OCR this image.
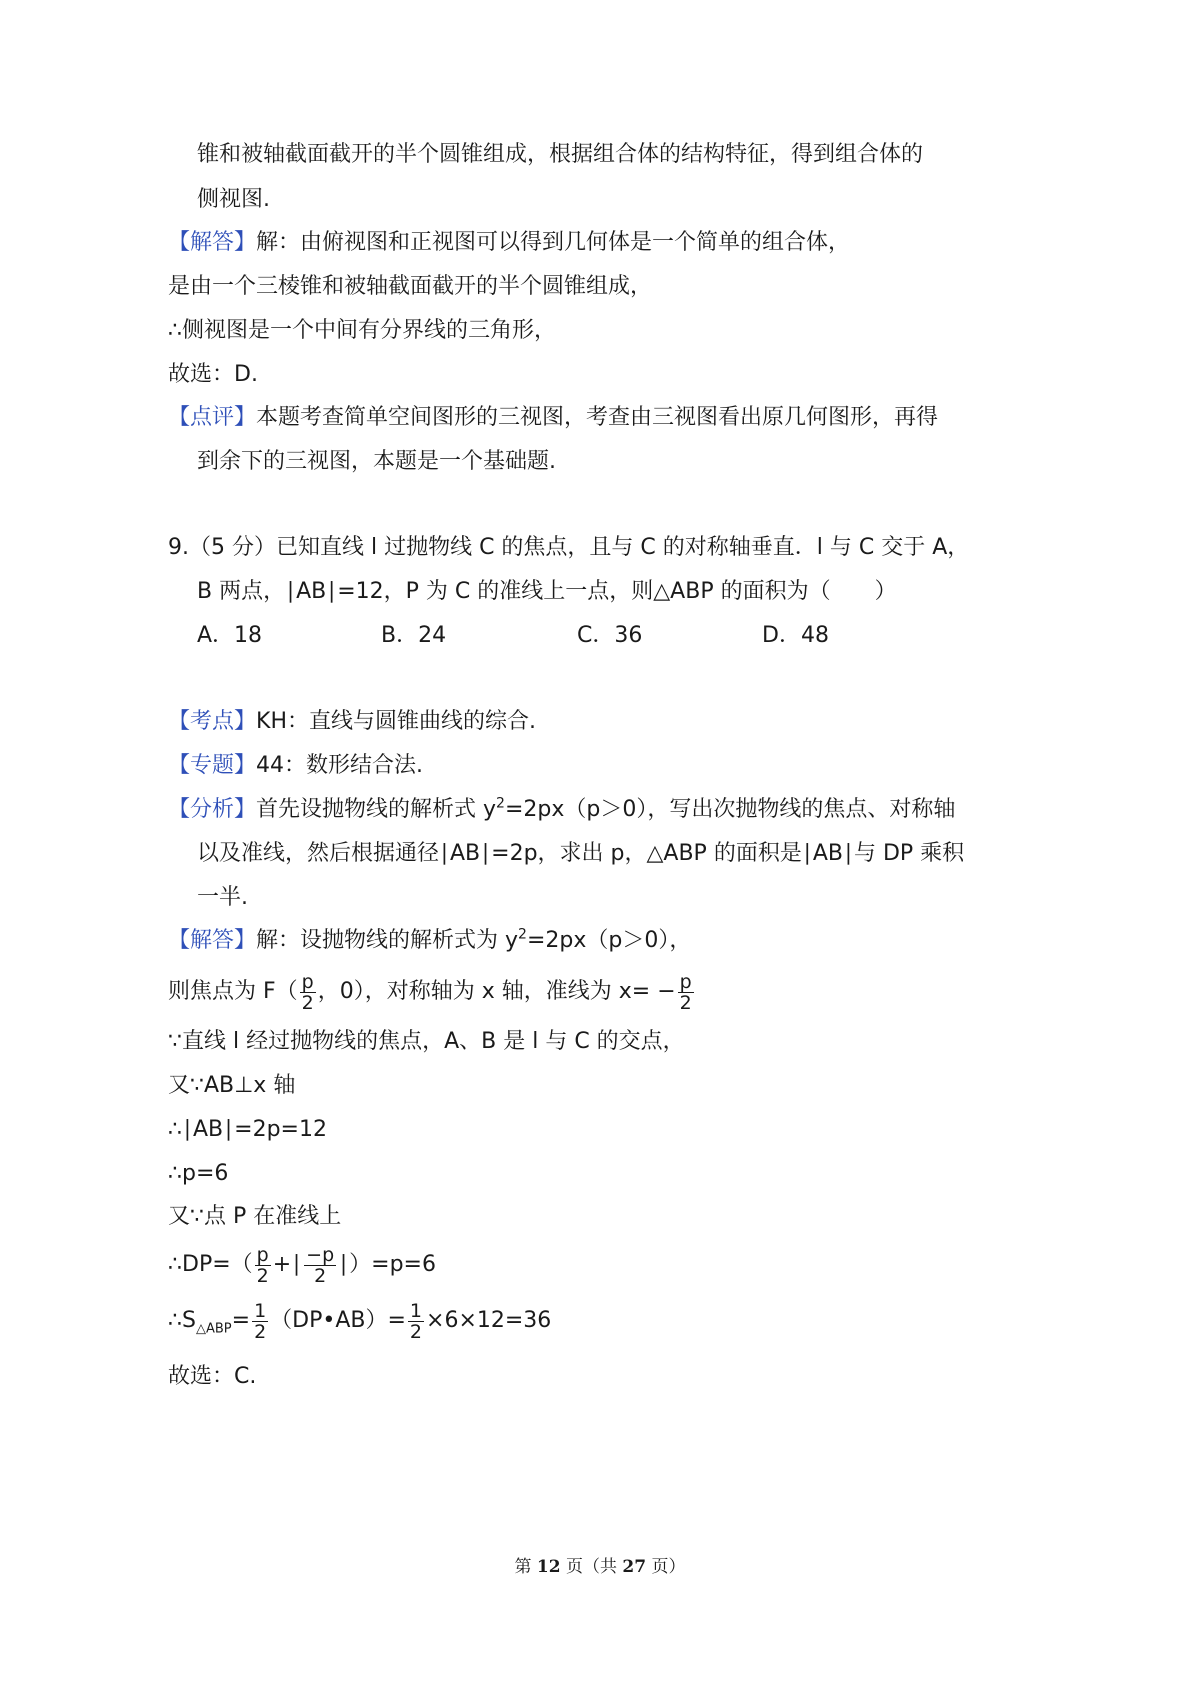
锥和被轴截面截开的半个圆锥组成，根据组合体的结构特征，得到组合体的
侧视图.
【解答】解：由俯视图和正视图可以得到几何体是一个简单的组合体，
是由一个三棱锥和被轴截面截开的半个圆锥组成，
∴侧视图是一个中间有分界线的三角形，
故选：D.
【点评】本题考查简单空间图形的三视图，考查由三视图看出原几何图形，再得
到余下的三视图，本题是一个基础题.
9.（5 分）已知直线 l 过抛物线 C 的焦点，且与 C 的对称轴垂直．l 与 C 交于 A，
B 两点，∣AB∣=12，P 为 C 的准线上一点，则△ABP 的面积为（　　）
A．18	B．24	C．36	D．48
【考点】KH：直线与圆锥曲线的综合.
【专题】44：数形结合法.
【分析】首先设抛物线的解析式 $y^2=2px(p>0)$，写出次抛物线的焦点、对称轴
以及准线，然后根据通径∣AB∣=2p，求出 p，△ABP 的面积是∣AB∣与 DP 乘积
一半.
【解答】解：设抛物线的解析式为 $y^2=2px(p>0)$，
则焦点为 $F( \frac{p}{2}$ ，0），对称轴为 x 轴，准线为 $x= - \frac{p}{2}$
∵直线 l 经过抛物线的焦点，A、B 是 l 与 C 的交点，
又∵AB⊥x 轴
∴∣AB∣=2p=12
∴p=6
又∵点 P 在准线上
∴DP=（ $\frac{p}{2}$ +∣ $\frac{-p}{2}$ ∣）=p=6
$\therefore S_{\triangle ABP}= \frac{1}{2}$ （DP•AB）= $\frac{1}{2} \times 6\times 12=36$
故选：C.
第 12 页（共 27 页）
